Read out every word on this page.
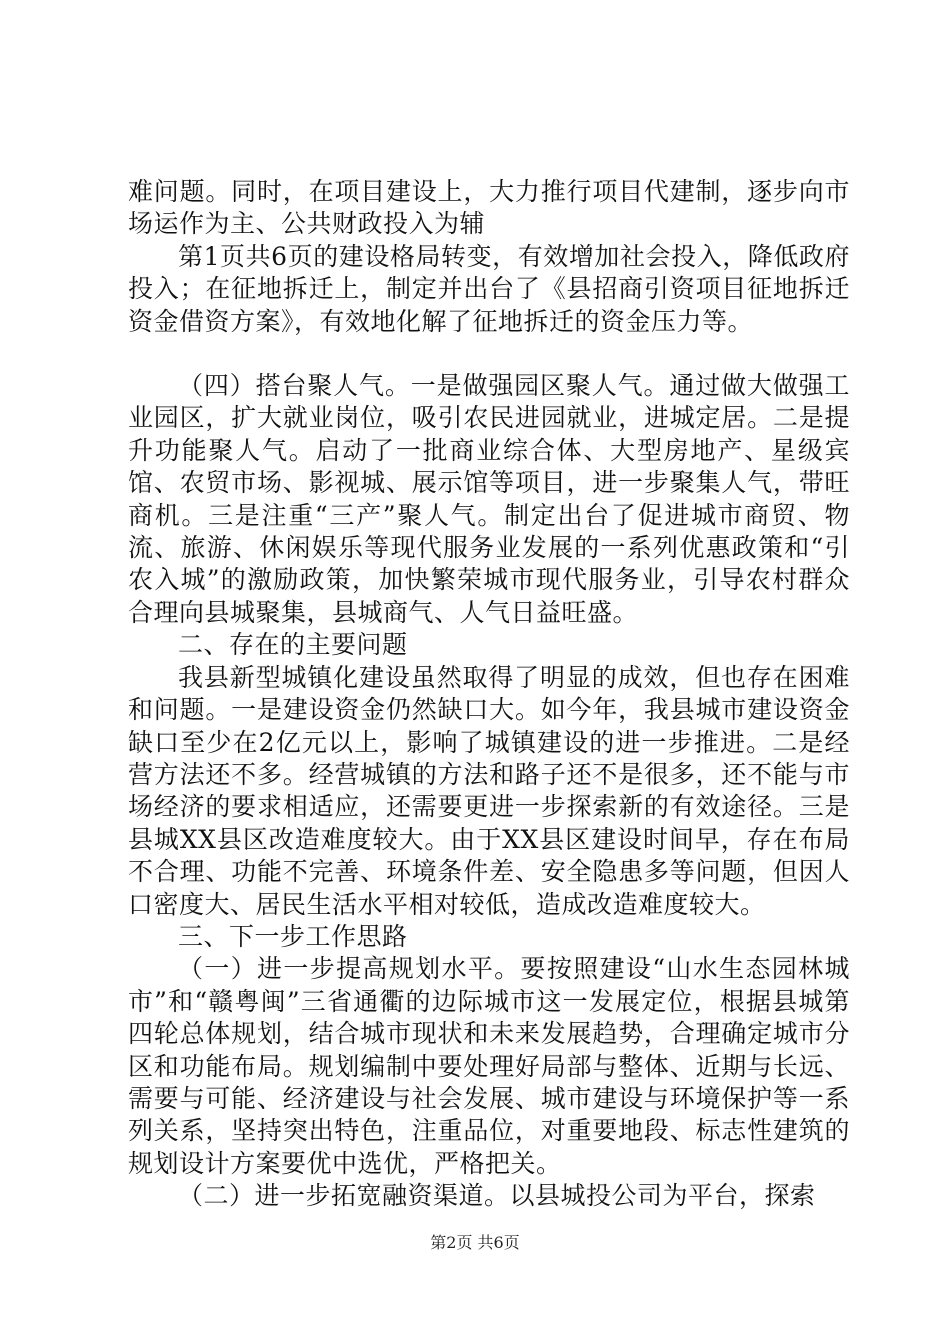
难问题。同时，在项目建设上，大力推行项目代建制，逐步向市场运作为主、公共财政投入为辅

第1页共6页的建设格局转变，有效增加社会投入，降低政府投入；在征地拆迁上，制定并出台了《县招商引资项目征地拆迁资金借资方案》，有效地化解了征地拆迁的资金压力等。

（四）搭台聚人气。一是做强园区聚人气。通过做大做强工业园区，扩大就业岗位，吸引农民进园就业，进城定居。二是提升功能聚人气。启动了一批商业综合体、大型房地产、星级宾馆、农贸市场、影视城、展示馆等项目，进一步聚集人气，带旺商机。三是注重“三产”聚人气。制定出台了促进城市商贸、物流、旅游、休闲娱乐等现代服务业发展的一系列优惠政策和“引农入城”的激励政策，加快繁荣城市现代服务业，引导农村群众合理向县城聚集，县城商气、人气日益旺盛。

二、存在的主要问题

我县新型城镇化建设虽然取得了明显的成效，但也存在困难和问题。一是建设资金仍然缺口大。如今年，我县城市建设资金缺口至少在2亿元以上，影响了城镇建设的进一步推进。二是经营方法还不多。经营城镇的方法和路子还不是很多，还不能与市场经济的要求相适应，还需要更进一步探索新的有效途径。三是县城XX县区改造难度较大。由于XX县区建设时间早，存在布局不合理、功能不完善、环境条件差、安全隐患多等问题，但因人口密度大、居民生活水平相对较低，造成改造难度较大。

三、下一步工作思路

（一）进一步提高规划水平。要按照建设“山水生态园林城市”和“赣粤闽”三省通衢的边际城市这一发展定位，根据县城第四轮总体规划，结合城市现状和未来发展趋势，合理确定城市分区和功能布局。规划编制中要处理好局部与整体、近期与长远、需要与可能、经济建设与社会发展、城市建设与环境保护等一系列关系，坚持突出特色，注重品位，对重要地段、标志性建筑的规划设计方案要优中选优，严格把关。

（二）进一步拓宽融资渠道。以县城投公司为平台，探索

第2页 共6页
